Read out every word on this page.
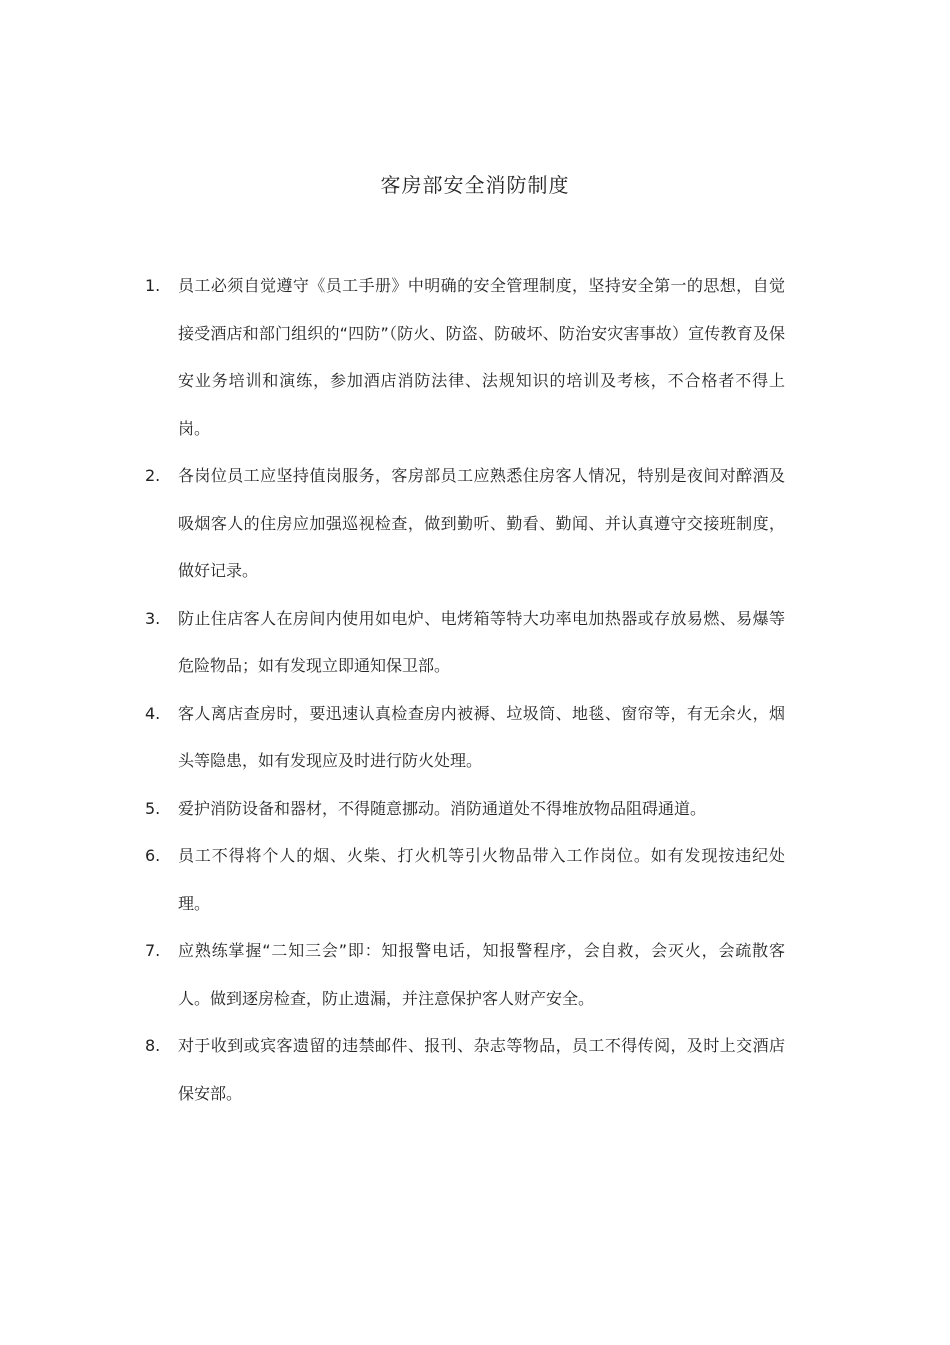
客房部安全消防制度
1.	员工必须自觉遵守《员工手册》中明确的安全管理制度，坚持安全第一的思想，自觉接受酒店和部门组织的“四防”（防火、防盗、防破坏、防治安灾害事故）宣传教育及保安业务培训和演练，参加酒店消防法律、法规知识的培训及考核，不合格者不得上岗。
2.	各岗位员工应坚持值岗服务，客房部员工应熟悉住房客人情况，特别是夜间对醉酒及吸烟客人的住房应加强巡视检查，做到勤听、勤看、勤闻、并认真遵守交接班制度，做好记录。
3.	防止住店客人在房间内使用如电炉、电烤箱等特大功率电加热器或存放易燃、易爆等危险物品；如有发现立即通知保卫部。
4.	客人离店查房时，要迅速认真检查房内被褥、垃圾筒、地毯、窗帘等，有无余火，烟头等隐患，如有发现应及时进行防火处理。
5.	爱护消防设备和器材，不得随意挪动。消防通道处不得堆放物品阻碍通道。
6.	员工不得将个人的烟、火柴、打火机等引火物品带入工作岗位。如有发现按违纪处理。
7.	应熟练掌握“二知三会”即：知报警电话，知报警程序，会自救，会灭火，会疏散客人。做到逐房检查，防止遗漏，并注意保护客人财产安全。
8.	对于收到或宾客遗留的违禁邮件、报刊、杂志等物品，员工不得传阅，及时上交酒店保安部。
